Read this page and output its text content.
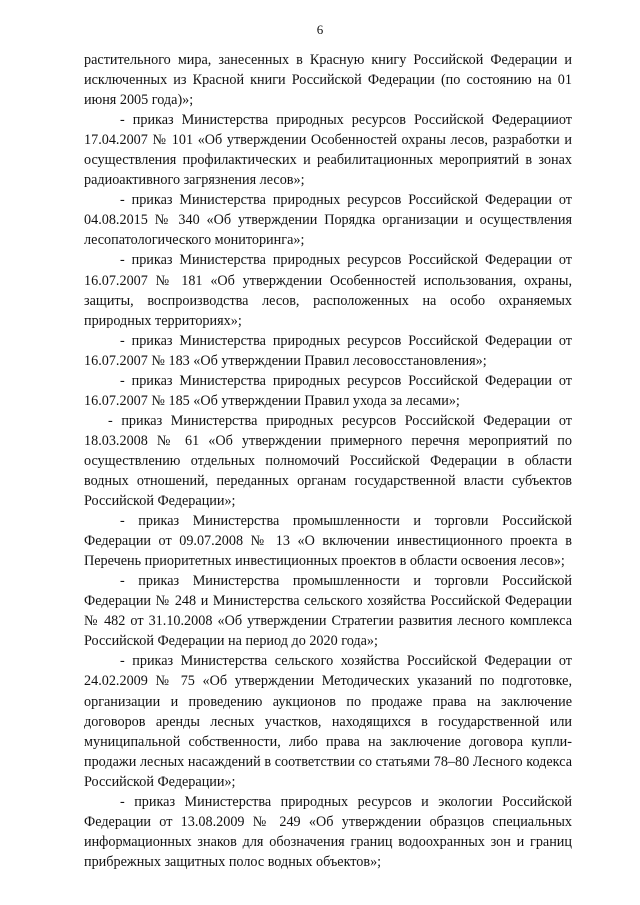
6

растительного мира, занесенных в Красную книгу Российской Федерации и исключенных из Красной книги Российской Федерации (по состоянию на 01 июня 2005 года)»;

- приказ Министерства природных ресурсов Российской Федерацииот 17.04.2007 № 101 «Об утверждении Особенностей охраны лесов, разработки и осуществления профилактических и реабилитационных мероприятий в зонах радиоактивного загрязнения лесов»;

- приказ Министерства природных ресурсов Российской Федерации от 04.08.2015 № 340 «Об утверждении Порядка организации и осуществления лесопатологического мониторинга»;

- приказ Министерства природных ресурсов Российской Федерации от 16.07.2007 № 181 «Об утверждении Особенностей использования, охраны, защиты, воспроизводства лесов, расположенных на особо охраняемых природных территориях»;

- приказ Министерства природных ресурсов Российской Федерации от 16.07.2007 № 183 «Об утверждении Правил лесовосстановления»;

- приказ Министерства природных ресурсов Российской Федерации от 16.07.2007 № 185 «Об утверждении Правил ухода за лесами»;

- приказ Министерства природных ресурсов Российской Федерации от 18.03.2008 № 61 «Об утверждении примерного перечня мероприятий по осуществлению отдельных полномочий Российской Федерации в области водных отношений, переданных органам государственной власти субъектов Российской Федерации»;

- приказ Министерства промышленности и торговли Российской Федерации от 09.07.2008 № 13 «О включении инвестиционного проекта в Перечень приоритетных инвестиционных проектов в области освоения лесов»;

- приказ Министерства промышленности и торговли Российской Федерации № 248 и Министерства сельского хозяйства Российской Федерации № 482 от 31.10.2008 «Об утверждении Стратегии развития лесного комплекса Российской Федерации на период до 2020 года»;

- приказ Министерства сельского хозяйства Российской Федерации от 24.02.2009 № 75 «Об утверждении Методических указаний по подготовке, организации и проведению аукционов по продаже права на заключение договоров аренды лесных участков, находящихся в государственной или муниципальной собственности, либо права на заключение договора купли-продажи лесных насаждений в соответствии со статьями 78–80 Лесного кодекса Российской Федерации»;

- приказ Министерства природных ресурсов и экологии Российской Федерации от 13.08.2009 № 249 «Об утверждении образцов специальных информационных знаков для обозначения границ водоохранных зон и границ прибрежных защитных полос водных объектов»;
